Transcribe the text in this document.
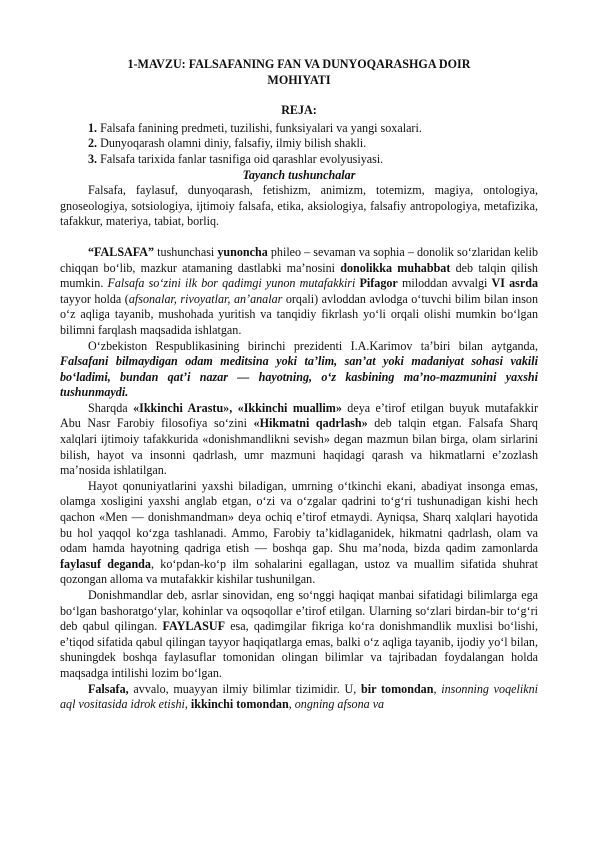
1-MAVZU: FALSAFANING FAN VA DUNYOQARASHGA DOIR
MOHIYATI
REJA:
1. Falsafa fanining predmeti, tuzilishi, funksiyalari va yangi soxalari.
2. Dunyoqarash olamni diniy, falsafiy, ilmiy bilish shakli.
3. Falsafa tarixida fanlar tasnifiga oid qarashlar evolyusiyasi.
Tayanch tushunchalar

Falsafa, faylasuf, dunyoqarash, fetishizm, animizm, totemizm, magiya, ontologiya, gnoseologiya, sotsiologiya, ijtimoiy falsafa, etika, aksiologiya, falsafiy antropologiya, metafizika, tafakkur, materiya, tabiat, borliq.

“FALSAFA” tushunchasi yunoncha phileo – sevaman va sophia – donolik so‘zlaridan kelib chiqqan bo‘lib, mazkur atamaning dastlabki ma’nosini donolikka muhabbat deb talqin qilish mumkin. Falsafa so‘zini ilk bor qadimgi yunon mutafakkiri Pifagor miloddan avvalgi VI asrda tayyor holda (afsonalar, rivoyatlar, an’analar orqali) avloddan avlodga o‘tuvchi bilim bilan inson o‘z aqliga tayanib, mushohada yuritish va tanqidiy fikrlash yo‘li orqali olishi mumkin bo‘lgan bilimni farqlash maqsadida ishlatgan.

O‘zbekiston Respublikasining birinchi prezidenti I.A.Karimov ta’biri bilan aytganda, Falsafani bilmaydigan odam meditsina yoki ta’lim, san’at yoki madaniyat sohasi vakili bo‘ladimi, bundan qat’i nazar — hayotning, o‘z kasbining ma’no-mazmunini yaxshi tushunmaydi.

Sharqda «Ikkinchi Arastu», «Ikkinchi muallim» deya e’tirof etilgan buyuk mutafakkir Abu Nasr Farobiy filosofiya so‘zini «Hikmatni qadrlash» deb talqin etgan. Falsafa Sharq xalqlari ijtimoiy tafakkurida «donishmandlikni sevish» degan mazmun bilan birga, olam sirlarini bilish, hayot va insonni qadrlash, umr mazmuni haqidagi qarash va hikmatlarni e’zozlash ma’nosida ishlatilgan.

Hayot qonuniyatlarini yaxshi biladigan, umrning o‘tkinchi ekani, abadiyat insonga emas, olamga xosligini yaxshi anglab etgan, o‘zi va o‘zgalar qadrini to‘g‘ri tushunadigan kishi hech qachon «Men — donishmandman» deya ochiq e’tirof etmaydi. Ayniqsa, Sharq xalqlari hayotida bu hol yaqqol ko‘zga tashlanadi. Ammo, Farobiy ta’kidlaganidek, hikmatni qadrlash, olam va odam hamda hayotning qadriga etish — boshqa gap. Shu ma’noda, bizda qadim zamonlarda faylasuf deganda, ko‘pdan-ko‘p ilm sohalarini egallagan, ustoz va muallim sifatida shuhrat qozongan alloma va mutafakkir kishilar tushunilgan.

Donishmandlar deb, asrlar sinovidan, eng so‘nggi haqiqat manbai sifatidagi bilimlarga ega bo‘lgan bashoratgo‘ylar, kohinlar va oqsoqollar e’tirof etilgan. Ularning so‘zlari birdan-bir to‘g‘ri deb qabul qilingan. FAYLASUF esa, qadimgilar fikriga ko‘ra donishmandlik muxlisi bo‘lishi, e’tiqod sifatida qabul qilingan tayyor haqiqatlarga emas, balki o‘z aqliga tayanib, ijodiy yo‘l bilan, shuningdek boshqa faylasuflar tomonidan olingan bilimlar va tajribadan foydalangan holda maqsadga intilishi lozim bo‘lgan.

Falsafa, avvalo, muayyan ilmiy bilimlar tizimidir. U, bir tomondan, insonning voqelikni aql vositasida idrok etishi, ikkinchi tomondan, ongning afsona va
